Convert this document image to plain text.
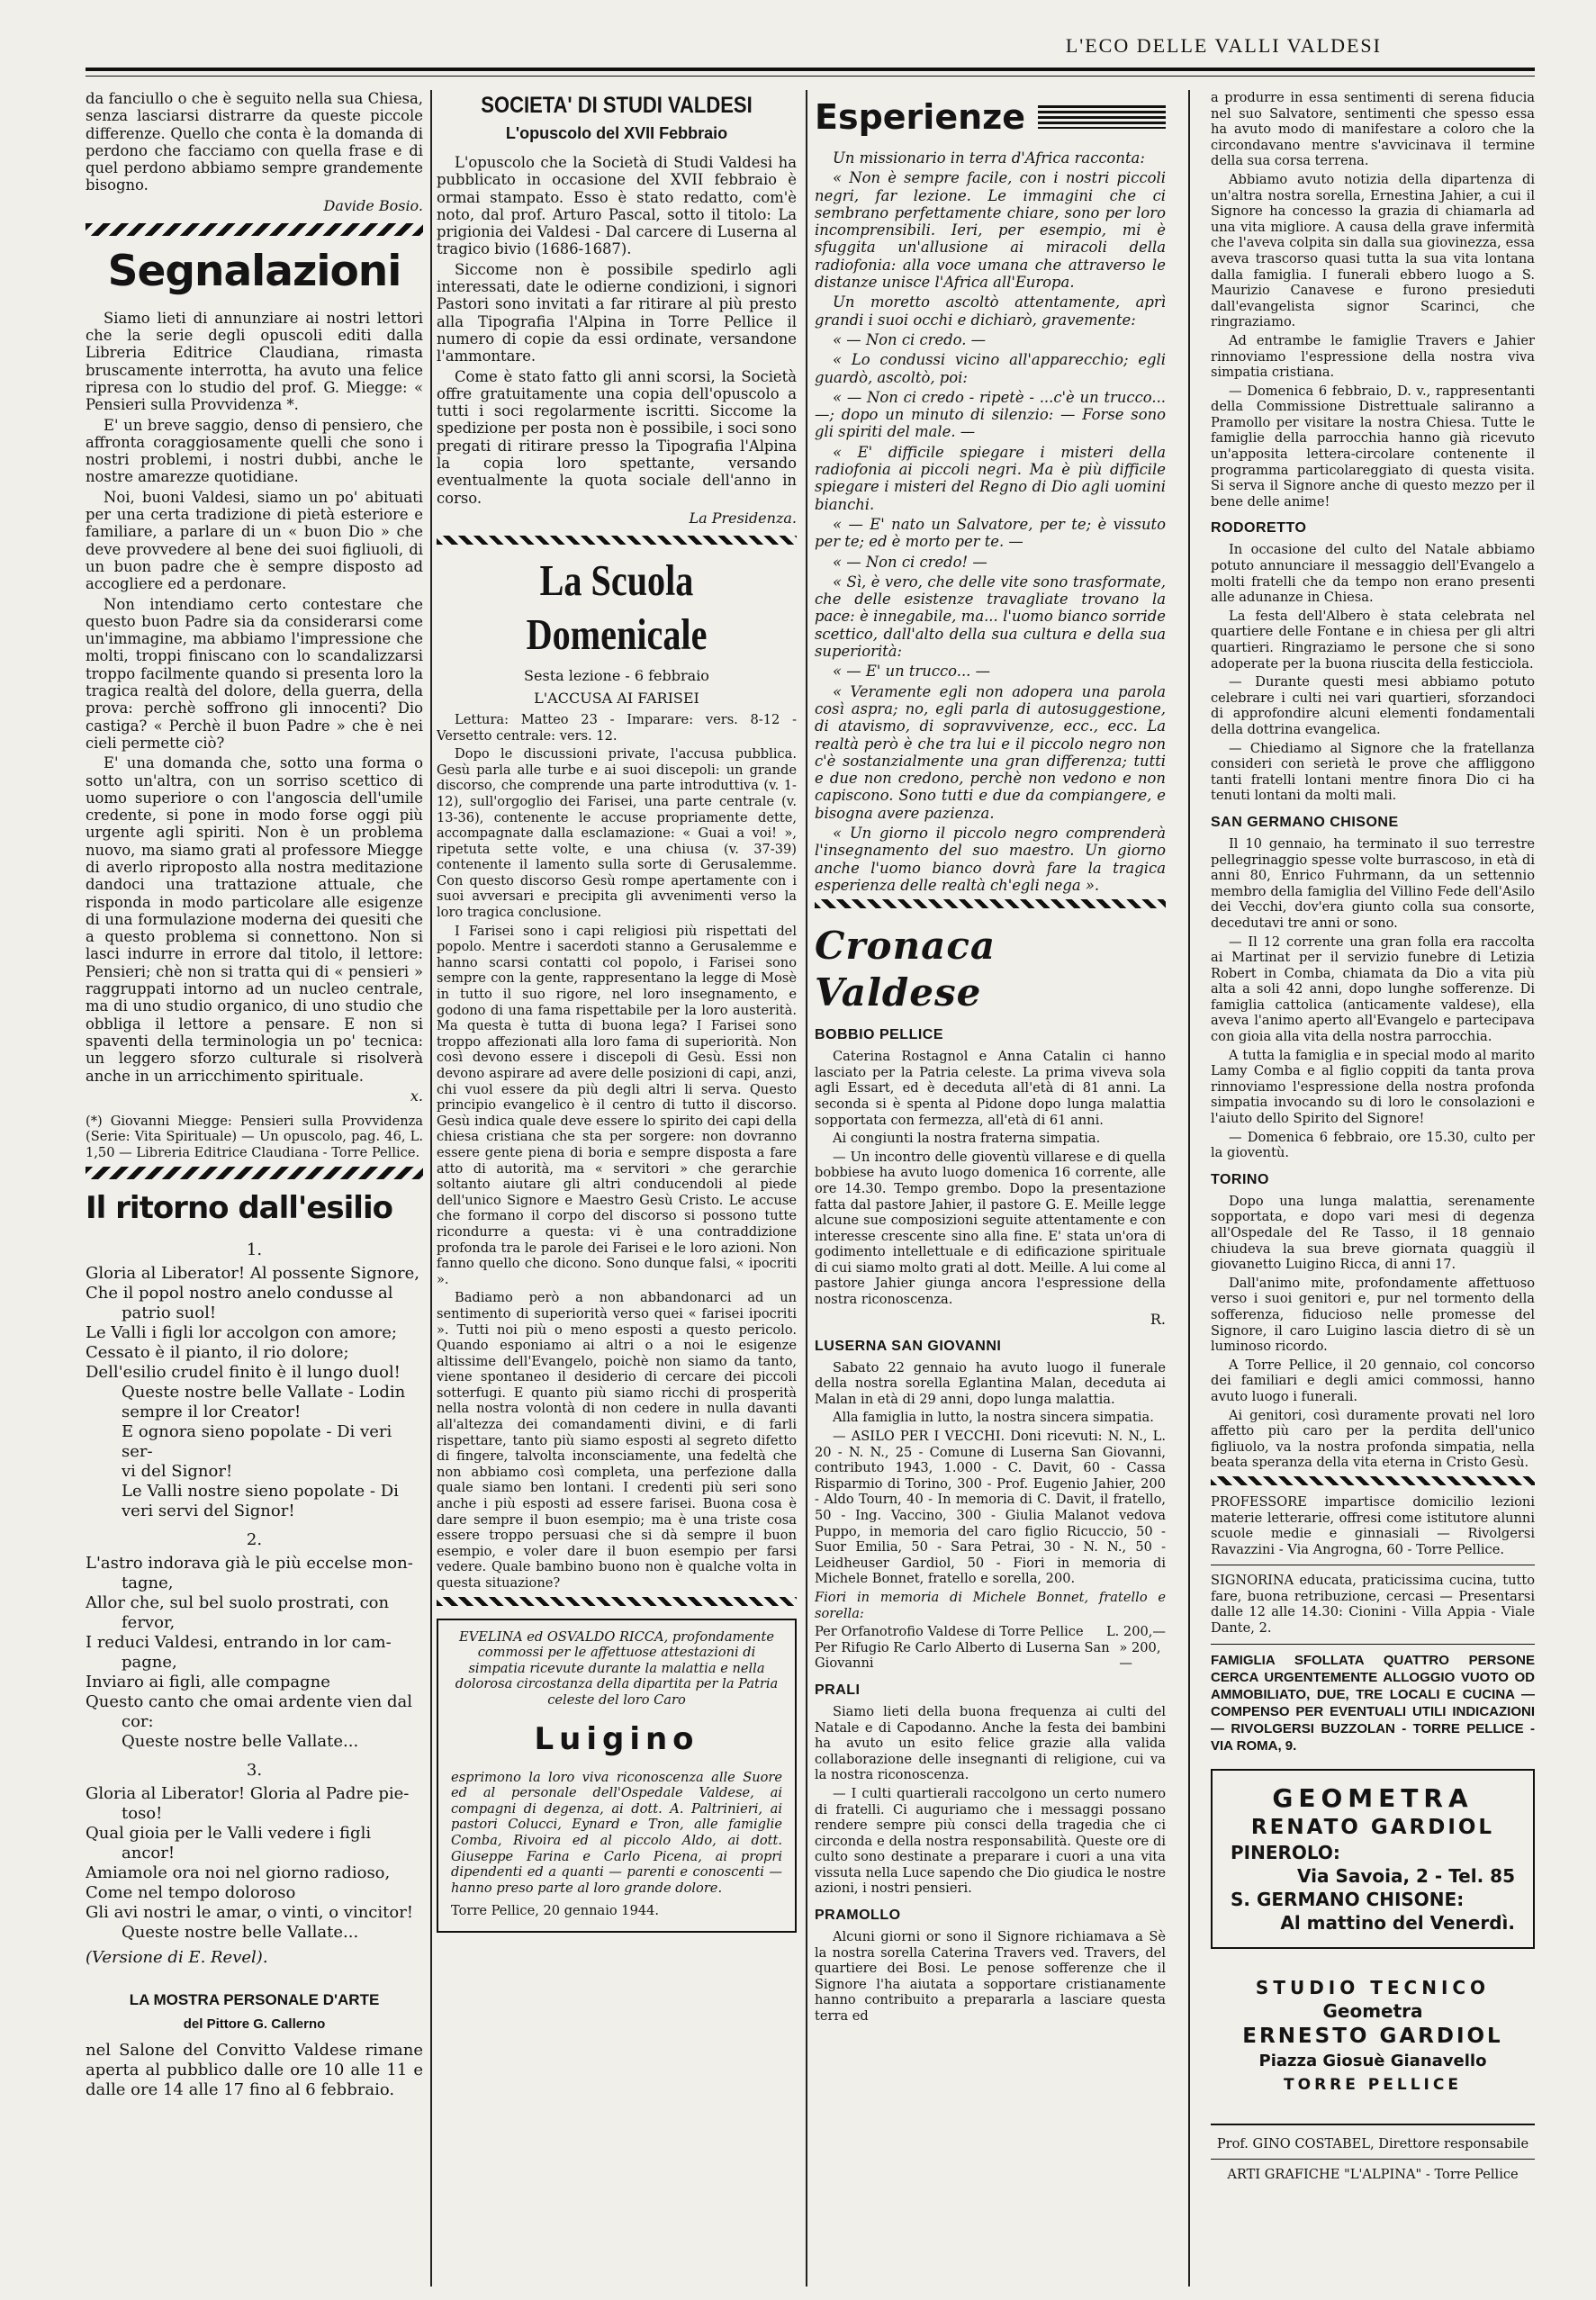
L'ECO DELLE VALLI VALDESI

da fanciullo o che è seguito nella sua Chiesa, senza lasciarsi distrarre da queste piccole differenze. Quello che conta è la domanda di perdono che facciamo con quella frase e di quel perdono abbiamo sempre grandemente bisogno.

Davide Bosio.
Segnalazioni

Siamo lieti di annunziare ai nostri lettori che la serie degli opuscoli editi dalla Libreria Editrice Claudiana, rimasta bruscamente interrotta, ha avuto una felice ripresa con lo studio del prof. G. Miegge: « Pensieri sulla Provvidenza *.

E' un breve saggio, denso di pensiero, che affronta coraggiosamente quelli che sono i nostri problemi, i nostri dubbi, anche le nostre amarezze quotidiane.

Noi, buoni Valdesi, siamo un po' abituati per una certa tradizione di pietà esteriore e familiare, a parlare di un « buon Dio » che deve provvedere al bene dei suoi figliuoli, di un buon padre che è sempre disposto ad accogliere ed a perdonare.

Non intendiamo certo contestare che questo buon Padre sia da considerarsi come un'immagine, ma abbiamo l'impressione che molti, troppi finiscano con lo scandalizzarsi troppo facilmente quando si presenta loro la tragica realtà del dolore, della guerra, della prova: perchè soffrono gli innocenti? Dio castiga? « Perchè il buon Padre » che è nei cieli permette ciò?

E' una domanda che, sotto una forma o sotto un'altra, con un sorriso scettico di uomo superiore o con l'angoscia dell'umile credente, si pone in modo forse oggi più urgente agli spiriti. Non è un problema nuovo, ma siamo grati al professore Miegge di averlo riproposto alla nostra meditazione dandoci una trattazione attuale, che risponda in modo particolare alle esigenze di una formulazione moderna dei quesiti che a questo problema si connettono. Non si lasci indurre in errore dal titolo, il lettore: Pensieri; chè non si tratta qui di « pensieri » raggruppati intorno ad un nucleo centrale, ma di uno studio organico, di uno studio che obbliga il lettore a pensare. E non si spaventi della terminologia un po' tecnica: un leggero sforzo culturale si risolverà anche in un arricchimento spirituale.

x.

(*) Giovanni Miegge: Pensieri sulla Provvidenza (Serie: Vita Spirituale) — Un opuscolo, pag. 46, L. 1,50 — Libreria Editrice Claudiana - Torre Pellice.

Il ritorno dall'esilio

1.

Gloria al Liberator! Al possente Signore,

Che il popol nostro anelo condusse al

patrio suol!

Le Valli i figli lor accolgon con amore;

Cessato è il pianto, il rio dolore;

Dell'esilio crudel finito è il lungo duol!

Queste nostre belle Vallate - Lodin

sempre il lor Creator!

E ognora sieno popolate - Di veri ser-

vi del Signor!

Le Valli nostre sieno popolate - Di

veri servi del Signor!

2.

L'astro indorava già le più eccelse mon-

tagne,

Allor che, sul bel suolo prostrati, con

fervor,

I reduci Valdesi, entrando in lor cam-

pagne,

Inviaro ai figli, alle compagne

Questo canto che omai ardente vien dal

cor:

Queste nostre belle Vallate...

3.

Gloria al Liberator! Gloria al Padre pie-

toso!

Qual gioia per le Valli vedere i figli

ancor!

Amiamole ora noi nel giorno radioso,

Come nel tempo doloroso

Gli avi nostri le amar, o vinti, o vincitor!

Queste nostre belle Vallate...

(Versione di E. Revel).

LA MOSTRA PERSONALE D'ARTE
del Pittore G. Callerno

nel Salone del Convitto Valdese rimane aperta al pubblico dalle ore 10 alle 11 e dalle ore 14 alle 17 fino al 6 febbraio.

SOCIETA' DI STUDI VALDESI
L'opuscolo del XVII Febbraio

L'opuscolo che la Società di Studi Valdesi ha pubblicato in occasione del XVII febbraio è ormai stampato. Esso è stato redatto, com'è noto, dal prof. Arturo Pascal, sotto il titolo: La prigionia dei Valdesi - Dal carcere di Luserna al tragico bivio (1686-1687).

Siccome non è possibile spedirlo agli interessati, date le odierne condizioni, i signori Pastori sono invitati a far ritirare al più presto alla Tipografia l'Alpina in Torre Pellice il numero di copie da essi ordinate, versandone l'ammontare.

Come è stato fatto gli anni scorsi, la Società offre gratuitamente una copia dell'opuscolo a tutti i soci regolarmente iscritti. Siccome la spedizione per posta non è possibile, i soci sono pregati di ritirare presso la Tipografia l'Alpina la copia loro spettante, versando eventualmente la quota sociale dell'anno in corso.

La Presidenza.
La Scuola Domenicale
Sesta lezione - 6 febbraio
L'ACCUSA AI FARISEI

Lettura: Matteo 23 - Imparare: vers. 8-12 - Versetto centrale: vers. 12.

Dopo le discussioni private, l'accusa pubblica. Gesù parla alle turbe e ai suoi discepoli: un grande discorso, che comprende una parte introduttiva (v. 1-12), sull'orgoglio dei Farisei, una parte centrale (v. 13-36), contenente le accuse propriamente dette, accompagnate dalla esclamazione: « Guai a voi! », ripetuta sette volte, e una chiusa (v. 37-39) contenente il lamento sulla sorte di Gerusalemme. Con questo discorso Gesù rompe apertamente con i suoi avversari e precipita gli avvenimenti verso la loro tragica conclusione.

I Farisei sono i capi religiosi più rispettati del popolo. Mentre i sacerdoti stanno a Gerusalemme e hanno scarsi contatti col popolo, i Farisei sono sempre con la gente, rappresentano la legge di Mosè in tutto il suo rigore, nel loro insegnamento, e godono di una fama rispettabile per la loro austerità. Ma questa è tutta di buona lega? I Farisei sono troppo affezionati alla loro fama di superiorità. Non così devono essere i discepoli di Gesù. Essi non devono aspirare ad avere delle posizioni di capi, anzi, chi vuol essere da più degli altri li serva. Questo principio evangelico è il centro di tutto il discorso. Gesù indica quale deve essere lo spirito dei capi della chiesa cristiana che sta per sorgere: non dovranno essere gente piena di boria e sempre disposta a fare atto di autorità, ma « servitori » che gerarchie soltanto aiutare gli altri conducendoli al piede dell'unico Signore e Maestro Gesù Cristo. Le accuse che formano il corpo del discorso si possono tutte ricondurre a questa: vi è una contraddizione profonda tra le parole dei Farisei e le loro azioni. Non fanno quello che dicono. Sono dunque falsi, « ipocriti ».

Badiamo però a non abbandonarci ad un sentimento di superiorità verso quei « farisei ipocriti ». Tutti noi più o meno esposti a questo pericolo. Quando esponiamo ai altri o a noi le esigenze altissime dell'Evangelo, poichè non siamo da tanto, viene spontaneo il desiderio di cercare dei piccoli sotterfugi. E quanto più siamo ricchi di prosperità nella nostra volontà di non cedere in nulla davanti all'altezza dei comandamenti divini, e di farli rispettare, tanto più siamo esposti al segreto difetto di fingere, talvolta inconsciamente, una fedeltà che non abbiamo così completa, una perfezione dalla quale siamo ben lontani. I credenti più seri sono anche i più esposti ad essere farisei. Buona cosa è dare sempre il buon esempio; ma è una triste cosa essere troppo persuasi che si dà sempre il buon esempio, e voler dare il buon esempio per farsi vedere. Quale bambino buono non è qualche volta in questa situazione?

EVELINA ed OSVALDO RICCA, profondamente commossi per le affettuose attestazioni di simpatia ricevute durante la malattia e nella dolorosa circostanza della dipartita per la Patria celeste del loro Caro

Luigino

esprimono la loro viva riconoscenza alle Suore ed al personale dell'Ospedale Valdese, ai compagni di degenza, ai dott. A. Paltrinieri, ai pastori Colucci, Eynard e Tron, alle famiglie Comba, Rivoira ed al piccolo Aldo, ai dott. Giuseppe Farina e Carlo Picena, ai propri dipendenti ed a quanti — parenti e conoscenti — hanno preso parte al loro grande dolore.

Torre Pellice, 20 gennaio 1944.

Esperienze

Un missionario in terra d'Africa racconta:

« Non è sempre facile, con i nostri piccoli negri, far lezione. Le immagini che ci sembrano perfettamente chiare, sono per loro incomprensibili. Ieri, per esempio, mi è sfuggita un'allusione ai miracoli della radiofonia: alla voce umana che attraverso le distanze unisce l'Africa all'Europa.

Un moretto ascoltò attentamente, aprì grandi i suoi occhi e dichiarò, gravemente:

« — Non ci credo. —

« Lo condussi vicino all'apparecchio; egli guardò, ascoltò, poi:

« — Non ci credo - ripetè - ...c'è un trucco... —; dopo un minuto di silenzio: — Forse sono gli spiriti del male. —

« E' difficile spiegare i misteri della radiofonia ai piccoli negri. Ma è più difficile spiegare i misteri del Regno di Dio agli uomini bianchi.

« — E' nato un Salvatore, per te; è vissuto per te; ed è morto per te. —

« — Non ci credo! —

« Sì, è vero, che delle vite sono trasformate, che delle esistenze travagliate trovano la pace: è innegabile, ma... l'uomo bianco sorride scettico, dall'alto della sua cultura e della sua superiorità:

« — E' un trucco... —

« Veramente egli non adopera una parola così aspra; no, egli parla di autosuggestione, di atavismo, di sopravvivenze, ecc., ecc. La realtà però è che tra lui e il piccolo negro non c'è sostanzialmente una gran differenza; tutti e due non credono, perchè non vedono e non capiscono. Sono tutti e due da compiangere, e bisogna avere pazienza.

« Un giorno il piccolo negro comprenderà l'insegnamento del suo maestro. Un giorno anche l'uomo bianco dovrà fare la tragica esperienza delle realtà ch'egli nega ».

Cronaca Valdese
BOBBIO PELLICE

Caterina Rostagnol e Anna Catalin ci hanno lasciato per la Patria celeste. La prima viveva sola agli Essart, ed è deceduta all'età di 81 anni. La seconda si è spenta al Pidone dopo lunga malattia sopportata con fermezza, all'età di 61 anni.

Ai congiunti la nostra fraterna simpatia.

— Un incontro delle gioventù villarese e di quella bobbiese ha avuto luogo domenica 16 corrente, alle ore 14.30. Tempo grembo. Dopo la presentazione fatta dal pastore Jahier, il pastore G. E. Meille legge alcune sue composizioni seguite attentamente e con interesse crescente sino alla fine. E' stata un'ora di godimento intellettuale e di edificazione spirituale di cui siamo molto grati al dott. Meille. A lui come al pastore Jahier giunga ancora l'espressione della nostra riconoscenza.

R.
LUSERNA SAN GIOVANNI

Sabato 22 gennaio ha avuto luogo il funerale della nostra sorella Eglantina Malan, deceduta ai Malan in età di 29 anni, dopo lunga malattia.

Alla famiglia in lutto, la nostra sincera simpatia.

— ASILO PER I VECCHI. Doni ricevuti: N. N., L. 20 - N. N., 25 - Comune di Luserna San Giovanni, contributo 1943, 1.000 - C. Davit, 60 - Cassa Risparmio di Torino, 300 - Prof. Eugenio Jahier, 200 - Aldo Tourn, 40 - In memoria di C. Davit, il fratello, 50 - Ing. Vaccino, 300 - Giulia Malanot vedova Puppo, in memoria del caro figlio Ricuccio, 50 - Suor Emilia, 50 - Sara Petrai, 30 - N. N., 50 - Leidheuser Gardiol, 50 - Fiori in memoria di Michele Bonnet, fratello e sorella, 200.

Fiori in memoria di Michele Bonnet, fratello e sorella:

Per Orfanotrofio Valdese di Torre Pellice L. 200,—
Per Rifugio Re Carlo Alberto di Luserna San Giovanni
» 200,—
PRALI

Siamo lieti della buona frequenza ai culti del Natale e di Capodanno. Anche la festa dei bambini ha avuto un esito felice grazie alla valida collaborazione delle insegnanti di religione, cui va la nostra riconoscenza.

— I culti quartierali raccolgono un certo numero di fratelli. Ci auguriamo che i messaggi possano rendere sempre più consci della tragedia che ci circonda e della nostra responsabilità. Queste ore di culto sono destinate a preparare i cuori a una vita vissuta nella Luce sapendo che Dio giudica le nostre azioni, i nostri pensieri.

PRAMOLLO

Alcuni giorni or sono il Signore richiamava a Sè la nostra sorella Caterina Travers ved. Travers, del quartiere dei Bosi. Le penose sofferenze che il Signore l'ha aiutata a sopportare cristianamente hanno contribuito a prepararla a lasciare questa terra ed

a produrre in essa sentimenti di serena fiducia nel suo Salvatore, sentimenti che spesso essa ha avuto modo di manifestare a coloro che la circondavano mentre s'avvicinava il termine della sua corsa terrena.

Abbiamo avuto notizia della dipartenza di un'altra nostra sorella, Ernestina Jahier, a cui il Signore ha concesso la grazia di chiamarla ad una vita migliore. A causa della grave infermità che l'aveva colpita sin dalla sua giovinezza, essa aveva trascorso quasi tutta la sua vita lontana dalla famiglia. I funerali ebbero luogo a S. Maurizio Canavese e furono presieduti dall'evangelista signor Scarinci, che ringraziamo.

Ad entrambe le famiglie Travers e Jahier rinnoviamo l'espressione della nostra viva simpatia cristiana.

— Domenica 6 febbraio, D. v., rappresentanti della Commissione Distrettuale saliranno a Pramollo per visitare la nostra Chiesa. Tutte le famiglie della parrocchia hanno già ricevuto un'apposita lettera-circolare contenente il programma particolareggiato di questa visita. Si serva il Signore anche di questo mezzo per il bene delle anime!

RODORETTO

In occasione del culto del Natale abbiamo potuto annunciare il messaggio dell'Evangelo a molti fratelli che da tempo non erano presenti alle adunanze in Chiesa.

La festa dell'Albero è stata celebrata nel quartiere delle Fontane e in chiesa per gli altri quartieri. Ringraziamo le persone che si sono adoperate per la buona riuscita della festicciola.

— Durante questi mesi abbiamo potuto celebrare i culti nei vari quartieri, sforzandoci di approfondire alcuni elementi fondamentali della dottrina evangelica.

— Chiediamo al Signore che la fratellanza consideri con serietà le prove che affliggono tanti fratelli lontani mentre finora Dio ci ha tenuti lontani da molti mali.

SAN GERMANO CHISONE

Il 10 gennaio, ha terminato il suo terrestre pellegrinaggio spesse volte burrascoso, in età di anni 80, Enrico Fuhrmann, da un settennio membro della famiglia del Villino Fede dell'Asilo dei Vecchi, dov'era giunto colla sua consorte, decedutavi tre anni or sono.

— Il 12 corrente una gran folla era raccolta ai Martinat per il servizio funebre di Letizia Robert in Comba, chiamata da Dio a vita più alta a soli 42 anni, dopo lunghe sofferenze. Di famiglia cattolica (anticamente valdese), ella aveva l'animo aperto all'Evangelo e partecipava con gioia alla vita della nostra parrocchia.

A tutta la famiglia e in special modo al marito Lamy Comba e al figlio coppiti da tanta prova rinnoviamo l'espressione della nostra profonda simpatia invocando su di loro le consolazioni e l'aiuto dello Spirito del Signore!

— Domenica 6 febbraio, ore 15.30, culto per la gioventù.

TORINO

Dopo una lunga malattia, serenamente sopportata, e dopo vari mesi di degenza all'Ospedale del Re Tasso, il 18 gennaio chiudeva la sua breve giornata quaggiù il giovanetto Luigino Ricca, di anni 17.

Dall'animo mite, profondamente affettuoso verso i suoi genitori e, pur nel tormento della sofferenza, fiducioso nelle promesse del Signore, il caro Luigino lascia dietro di sè un luminoso ricordo.

A Torre Pellice, il 20 gennaio, col concorso dei familiari e degli amici commossi, hanno avuto luogo i funerali.

Ai genitori, così duramente provati nel loro affetto più caro per la perdita dell'unico figliuolo, va la nostra profonda simpatia, nella beata speranza della vita eterna in Cristo Gesù.

PROFESSORE impartisce domicilio lezioni materie letterarie, offresi come istitutore alunni scuole medie e ginnasiali — Rivolgersi Ravazzini - Via Angrogna, 60 - Torre Pellice.

SIGNORINA educata, praticissima cucina, tutto fare, buona retribuzione, cercasi — Presentarsi dalle 12 alle 14.30: Cionini - Villa Appia - Viale Dante, 2.

FAMIGLIA SFOLLATA QUATTRO PERSONE CERCA URGENTEMENTE ALLOGGIO VUOTO OD AMMOBILIATO, DUE, TRE LOCALI E CUCINA — COMPENSO PER EVENTUALI UTILI INDICAZIONI — RIVOLGERSI BUZZOLAN - TORRE PELLICE - VIA ROMA, 9.

GEOMETRA
RENATO GARDIOL
PINEROLO:
Via Savoia, 2 - Tel. 85
S. GERMANO CHISONE:
Al mattino del Venerdì.
STUDIO TECNICO
Geometra
ERNESTO GARDIOL
Piazza Giosuè Gianavello
TORRE PELLICE

Prof. GINO COSTABEL, Direttore responsabile

ARTI GRAFICHE "L'ALPINA" - Torre Pellice
